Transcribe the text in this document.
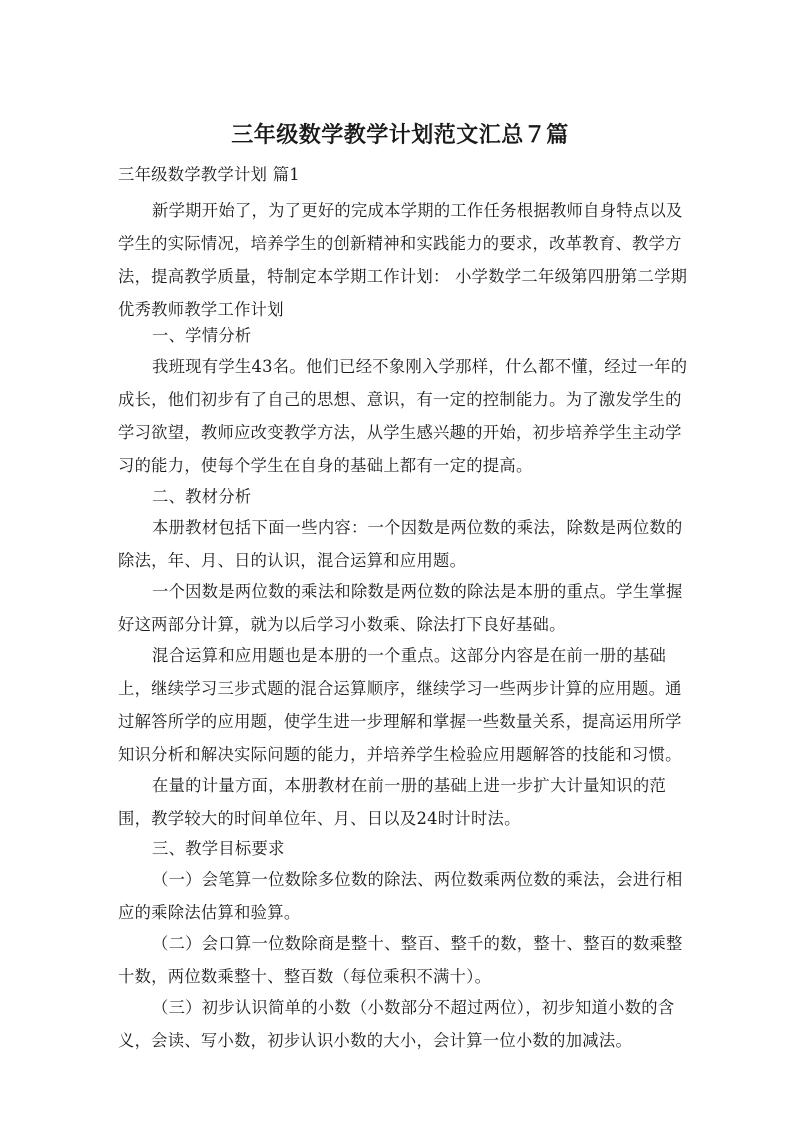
三年级数学教学计划范文汇总７篇
三年级数学教学计划 篇1
新学期开始了，为了更好的完成本学期的工作任务根据教师自身特点以及
学生的实际情况，培养学生的创新精神和实践能力的要求，改革教育、教学方
法，提高教学质量，特制定本学期工作计划： 小学数学二年级第四册第二学期
优秀教师教学工作计划
一、学情分析
我班现有学生43名。他们已经不象刚入学那样，什么都不懂，经过一年的
成长，他们初步有了自己的思想、意识，有一定的控制能力。为了激发学生的
学习欲望，教师应改变教学方法，从学生感兴趣的开始，初步培养学生主动学
习的能力，使每个学生在自身的基础上都有一定的提高。
二、教材分析
本册教材包括下面一些内容：一个因数是两位数的乘法，除数是两位数的
除法，年、月、日的认识，混合运算和应用题。
一个因数是两位数的乘法和除数是两位数的除法是本册的重点。学生掌握
好这两部分计算，就为以后学习小数乘、除法打下良好基础。
混合运算和应用题也是本册的一个重点。这部分内容是在前一册的基础
上，继续学习三步式题的混合运算顺序，继续学习一些两步计算的应用题。通
过解答所学的应用题，使学生进一步理解和掌握一些数量关系，提高运用所学
知识分析和解决实际问题的能力，并培养学生检验应用题解答的技能和习惯。
在量的计量方面，本册教材在前一册的基础上进一步扩大计量知识的范
围，教学较大的时间单位年、月、日以及24时计时法。
三、教学目标要求
（一）会笔算一位数除多位数的除法、两位数乘两位数的乘法，会进行相
应的乘除法估算和验算。
（二）会口算一位数除商是整十、整百、整千的数，整十、整百的数乘整
十数，两位数乘整十、整百数（每位乘积不满十）。
（三）初步认识简单的小数（小数部分不超过两位），初步知道小数的含
义，会读、写小数，初步认识小数的大小，会计算一位小数的加减法。
